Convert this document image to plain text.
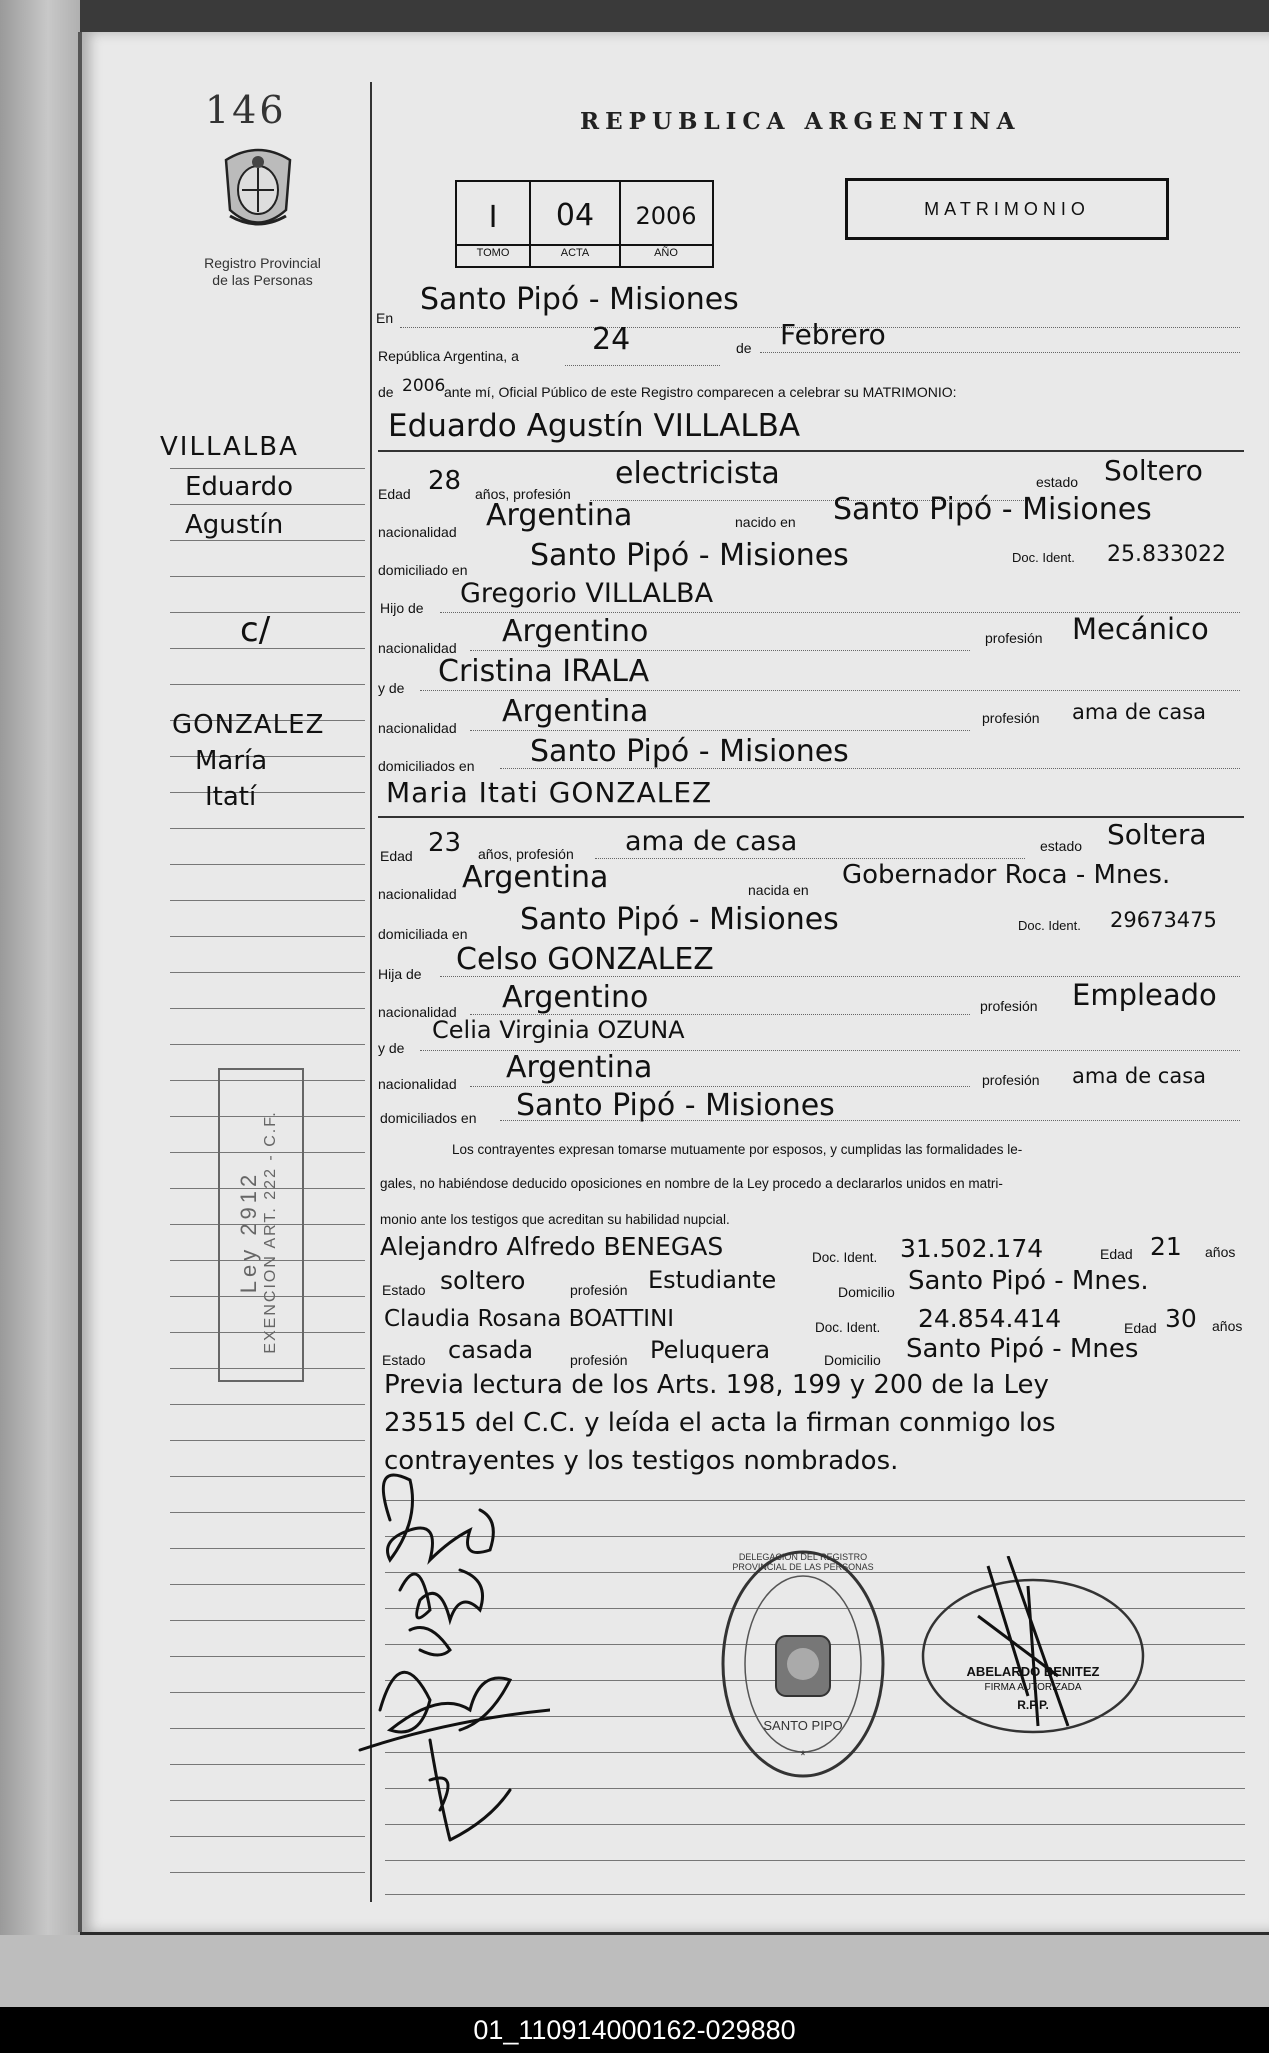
01_110914000162-029880
146
Registro Provincial
de las Personas
REPUBLICA ARGENTINA
MATRIMONIO
I	04	2006
TOMO	ACTA	AÑO
VILLALBA
Eduardo
Agustín
c/
GONZALEZ
María
Itatí
Ley 2912 EXENCION ART. 222 - C.F.
En
Santo Pipó - Misiones
República Argentina, a 24	de Febrero
de 2006
ante mí, Oficial Público de este Registro comparecen a celebrar su MATRIMONIO:
Eduardo Agustín VILLALBA
Edad 28 años, profesión
electricista	estado Soltero
nacionalidad Argentina	nacido en Santo Pipó - Misiones
domiciliado en Santo Pipó - Misiones	Doc. Ident. 25.833022
Hijo de Gregorio VILLALBA
nacionalidad Argentino	profesión Mecánico
y de Cristina IRALA
nacionalidad Argentina	profesión ama de casa
domiciliados en Santo Pipó - Misiones
Maria Itati GONZALEZ
Edad 23 años, profesión ama de casa	estado Soltera
nacionalidad Argentina	nacida en Gobernador Roca - Mnes.
domiciliada en Santo Pipó - Misiones	Doc. Ident. 29673475
Hija de Celso GONZALEZ
nacionalidad Argentino	profesión Empleado
y de
Celia Virginia OZUNA
nacionalidad Argentina	profesión ama de casa
domiciliados en Santo Pipó - Misiones
Los contrayentes expresan tomarse mutuamente por esposos, y cumplidas las formalidades le-
gales, no habiéndose deducido oposiciones en nombre de la Ley procedo a declararlos unidos en matri-
monio ante los testigos que acreditan su habilidad nupcial.
Alejandro Alfredo BENEGAS	Doc. Ident. 31.502.174	Edad 21 años
Estado soltero	profesión Estudiante	Domicilio Santo Pipó - Mnes.
Claudia Rosana BOATTINI	Doc. Ident. 24.854.414	Edad 30 años
Estado casada	profesión Peluquera	Domicilio Santo Pipó - Mnes
Previa lectura de los Arts. 198, 199 y 200 de la Ley
23515 del C.C. y leída el acta la firman conmigo los
contrayentes y los testigos nombrados.
*
DELEGACION DEL REGISTRO PROVINCIAL DE LAS PERSONAS
SANTO PIPO
ABELARDO BENITEZ
FIRMA AUTORIZADA
R.P.P.
